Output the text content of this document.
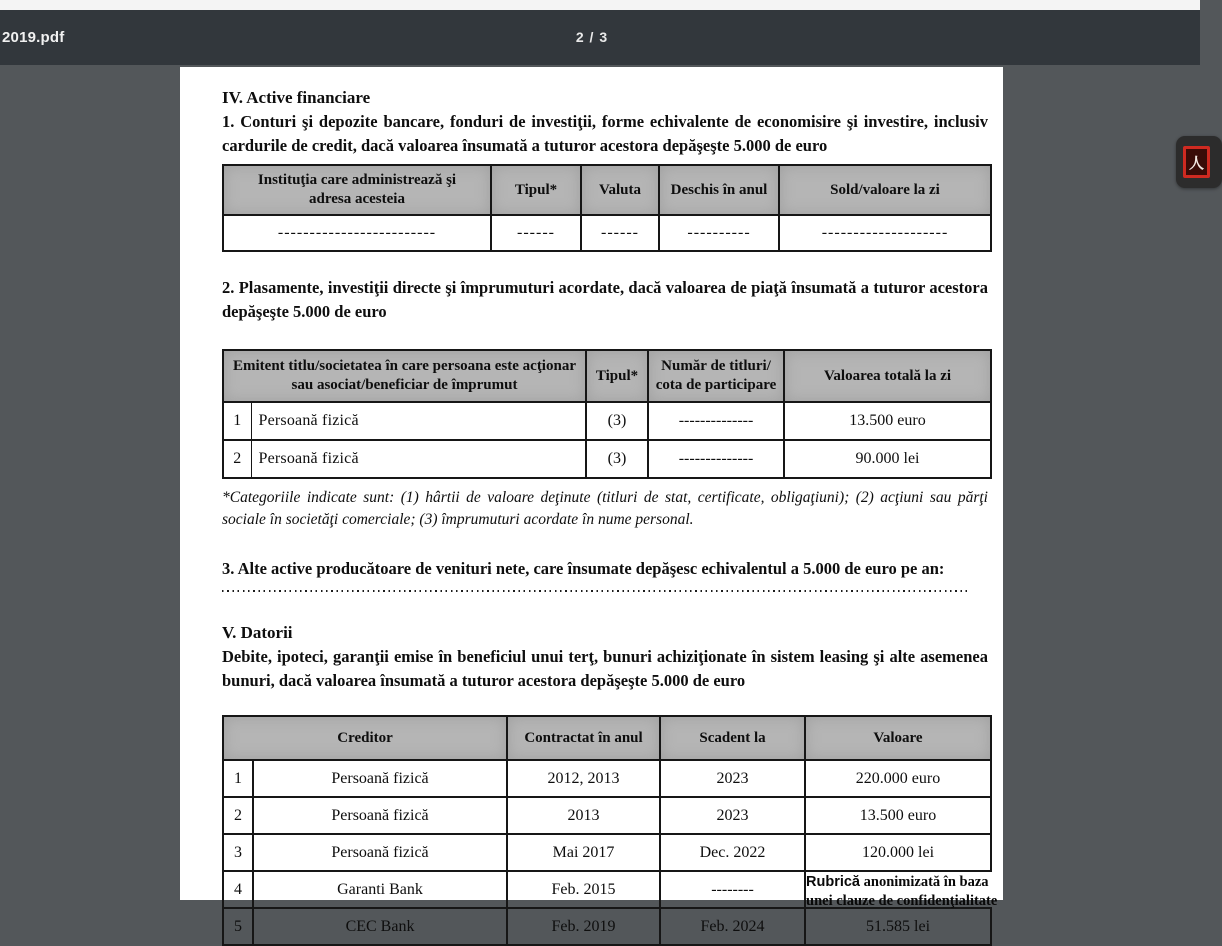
2019.pdf	2 / 3
IV. Active financiare
1. Conturi şi depozite bancare, fonduri de investiţii, forme echivalente de economisire şi investire, inclusiv cardurile de credit, dacă valoarea însumată a tuturor acestora depăşeşte 5.000 de euro
Instituţia care administrează şi adresa acesteia	Tipul*	Valuta	Deschis în anul	Sold/valoare la zi
-------------------------	------	------	----------	--------------------
2. Plasamente, investiţii directe şi împrumuturi acordate, dacă valoarea de piaţă însumată a tuturor acestora depăşeşte 5.000 de euro
Emitent titlu/societatea în care persoana este acţionar sau asociat/beneficiar de împrumut		Tipul*	Număr de titluri/ cota de participare	Valoarea totală la zi
1	Persoană fizică	(3)	--------------	13.500 euro
2	Persoană fizică	(3)	--------------	90.000 lei
*Categoriile indicate sunt: (1) hârtii de valoare deţinute (titluri de stat, certificate, obligaţiuni); (2) acţiuni sau părţi sociale în societăţi comerciale; (3) împrumuturi acordate în nume personal.
3. Alte active producătoare de venituri nete, care însumate depăşesc echivalentul a 5.000 de euro pe an:
V. Datorii
Debite, ipoteci, garanţii emise în beneficiul unui terţ, bunuri achiziţionate în sistem leasing şi alte asemenea bunuri, dacă valoarea însumată a tuturor acestora depăşeşte 5.000 de euro
Creditor		Contractat în anul	Scadent la	Valoare
1	Persoană fizică	2012, 2013	2023	220.000 euro
2	Persoană fizică	2013	2023	13.500 euro
3	Persoană fizică	Mai 2017	Dec. 2022	120.000 lei
4	Garanti Bank	Feb. 2015	--------	Rubrică anonimizată în baza
unei clauze de confidenţialitate

5	CEC Bank	Feb. 2019	Feb. 2024	51.585 lei
人
